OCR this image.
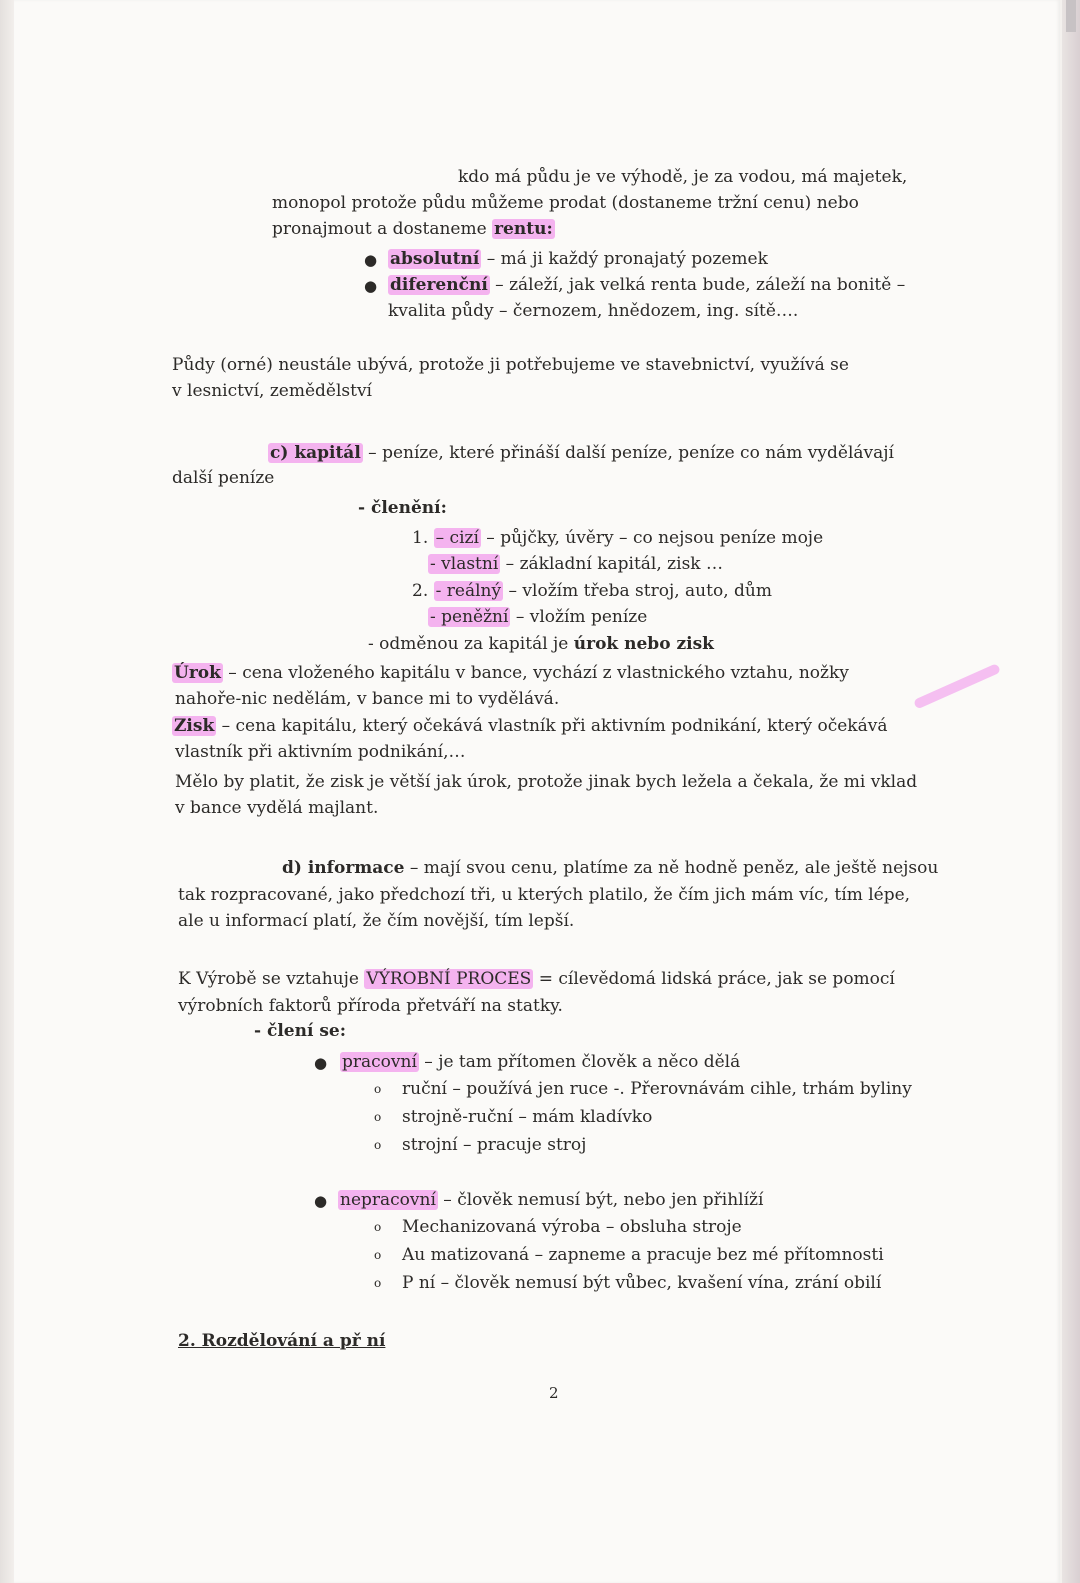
kdo má půdu je ve výhodě, je za vodou, má majetek,
monopol protože půdu můžeme prodat (dostaneme tržní cenu) nebo
pronajmout a dostaneme rentu:
● absolutní – má ji každý pronajatý pozemek
● diferenční – záleží, jak velká renta bude, záleží na bonitě –
kvalita půdy – černozem, hnědozem, ing. sítě….
Půdy (orné) neustále ubývá, protože ji potřebujeme ve stavebnictví, využívá se
v lesnictví, zemědělství
c) kapitál – peníze, které přináší další peníze, peníze co nám vydělávají
další peníze
- členění:
1. – cizí – půjčky, úvěry – co nejsou peníze moje
- vlastní – základní kapitál, zisk …
2. - reálný – vložím třeba stroj, auto, dům
- peněžní – vložím peníze
- odměnou za kapitál je úrok nebo zisk
Úrok – cena vloženého kapitálu v bance, vychází z vlastnického vztahu, nožky
nahoře-nic nedělám, v bance mi to vydělává.
Zisk – cena kapitálu, který očekává vlastník při aktivním podnikání, který očekává
vlastník při aktivním podnikání,…
Mělo by platit, že zisk je větší jak úrok, protože jinak bych ležela a čekala, že mi vklad
v bance vydělá majlant.
d) informace – mají svou cenu, platíme za ně hodně peněz, ale ještě nejsou
tak rozpracované, jako předchozí tři, u kterých platilo, že čím jich mám víc, tím lépe,
ale u informací platí, že čím novější, tím lepší.
K Výrobě se vztahuje VÝROBNÍ PROCES = cílevědomá lidská práce, jak se pomocí
výrobních faktorů příroda přetváří na statky.
- člení se:
● pracovní – je tam přítomen člověk a něco dělá
o ruční – používá jen ruce -. Přerovnávám cihle, trhám byliny
o strojně-ruční – mám kladívko
o strojní – pracuje stroj
● nepracovní – člověk nemusí být, nebo jen přihlíží
o Mechanizovaná výroba – obsluha stroje
o Au matizovaná – zapneme a pracuje bez mé přítomnosti
o P ní – člověk nemusí být vůbec, kvašení vína, zrání obilí
2. Rozdělování a př ní
2
